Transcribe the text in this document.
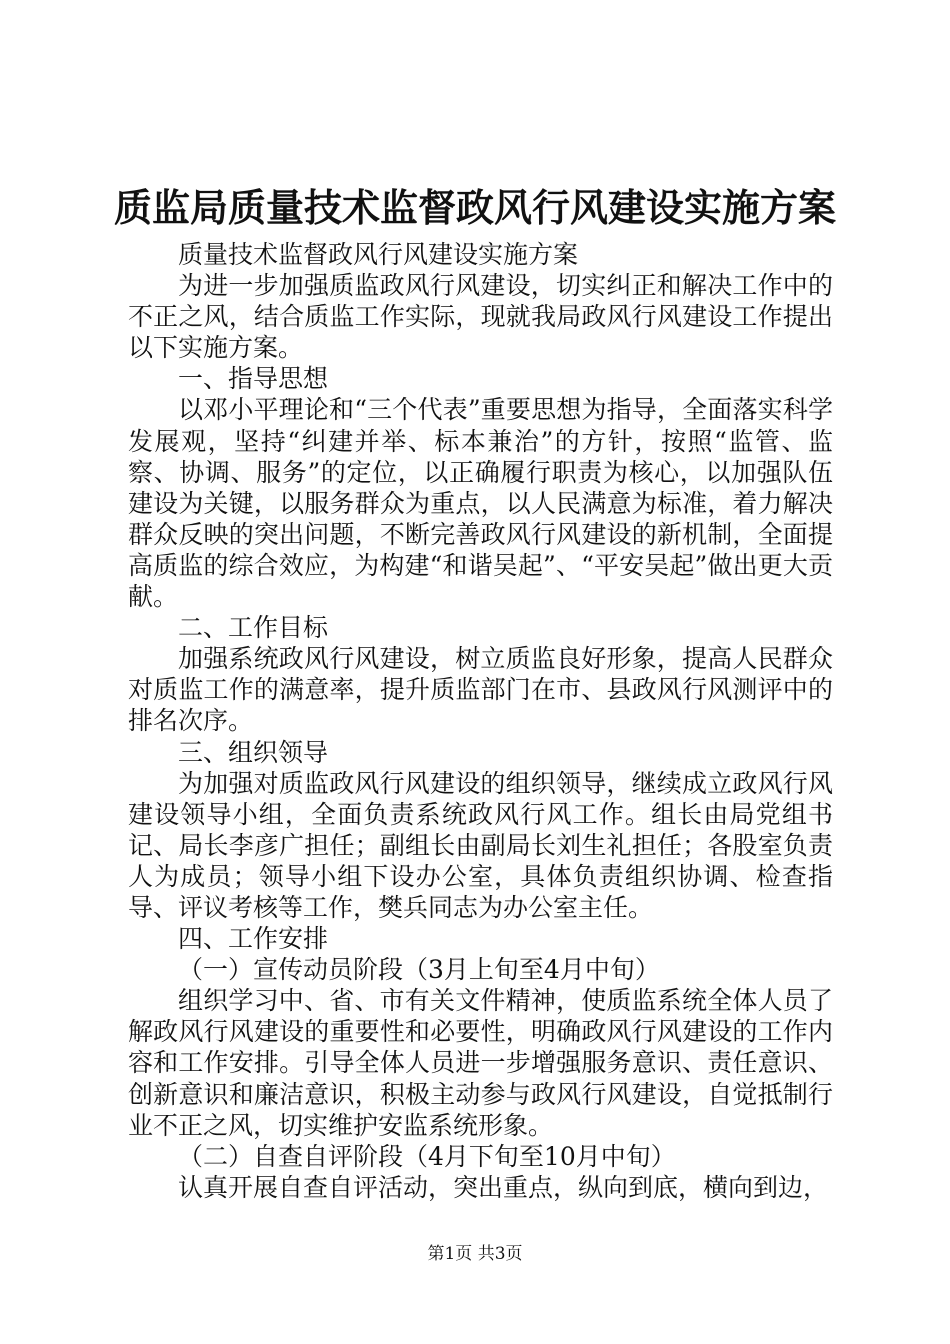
质监局质量技术监督政风行风建设实施方案

质量技术监督政风行风建设实施方案

为进一步加强质监政风行风建设，切实纠正和解决工作中的不正之风，结合质监工作实际，现就我局政风行风建设工作提出以下实施方案。

一、指导思想

以邓小平理论和“三个代表”重要思想为指导，全面落实科学发展观，坚持“纠建并举、标本兼治”的方针，按照“监管、监察、协调、服务”的定位，以正确履行职责为核心，以加强队伍建设为关键，以服务群众为重点，以人民满意为标准，着力解决群众反映的突出问题，不断完善政风行风建设的新机制，全面提高质监的综合效应，为构建“和谐吴起”、“平安吴起”做出更大贡献。

二、工作目标

加强系统政风行风建设，树立质监良好形象，提高人民群众对质监工作的满意率，提升质监部门在市、县政风行风测评中的排名次序。

三、组织领导

为加强对质监政风行风建设的组织领导，继续成立政风行风建设领导小组，全面负责系统政风行风工作。组长由局党组书记、局长李彦广担任；副组长由副局长刘生礼担任；各股室负责人为成员；领导小组下设办公室，具体负责组织协调、检查指导、评议考核等工作，樊兵同志为办公室主任。

四、工作安排

（一）宣传动员阶段（3月上旬至4月中旬）

组织学习中、省、市有关文件精神，使质监系统全体人员了解政风行风建设的重要性和必要性，明确政风行风建设的工作内容和工作安排。引导全体人员进一步增强服务意识、责任意识、创新意识和廉洁意识，积极主动参与政风行风建设，自觉抵制行业不正之风，切实维护安监系统形象。

（二）自查自评阶段（4月下旬至10月中旬）

认真开展自查自评活动，突出重点，纵向到底，横向到边，

第1页 共3页
